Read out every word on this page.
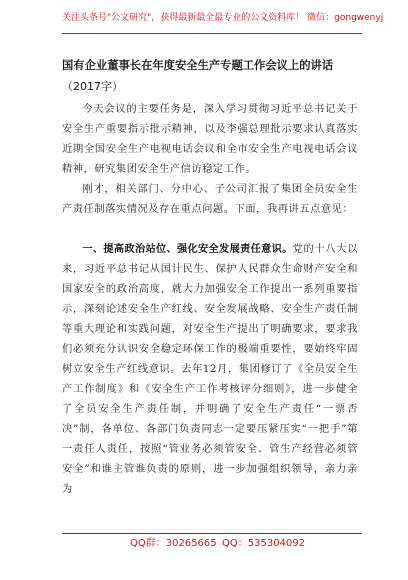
关注头条号"公文研究"，获得最新最全最专业的公文资料库！ 微信：gongwenyj
国有企业董事长在年度安全生产专题工作会议上的讲话
（2017字）

今天会议的主要任务是，深入学习贯彻习近平总书记关于安全生产重要指示批示精神，以及李强总理批示要求认真落实近期全国安全生产电视电话会议和全市安全生产电视电话会议精神，研究集团安全生产信访稳定工作。

刚才，相关部门、分中心、子公司汇报了集团全员安全生产责任制落实情况及存在重点问题。下面，我再讲五点意见：

一、提高政治站位、强化安全发展责任意识。党的十八大以来，习近平总书记从国计民生、保护人民群众生命财产安全和国家安全的政治高度，就大力加强安全工作提出一系列重要指示，深刻论述安全生产红线、安全发展战略、安全生产责任制等重大理论和实践问题，对安全生产提出了明确要求，要求我们必须充分认识安全稳定环保工作的极端重要性，要始终牢固树立安全生产红线意识。去年12月，集团修订了《全员安全生产工作制度》和《安全生产工作考核评分细则》，进一步健全了全员安全生产责任制，并明确了安全生产责任“一票否决”制，各单位、各部门负责同志一定要压紧压实“一把手”第一责任人责任，按照“管业务必须管安全、管生产经营必须管安全”和谁主管谁负责的原则，进一步加强组织领导，亲力亲为

QQ群：30265665 QQ：535304092
